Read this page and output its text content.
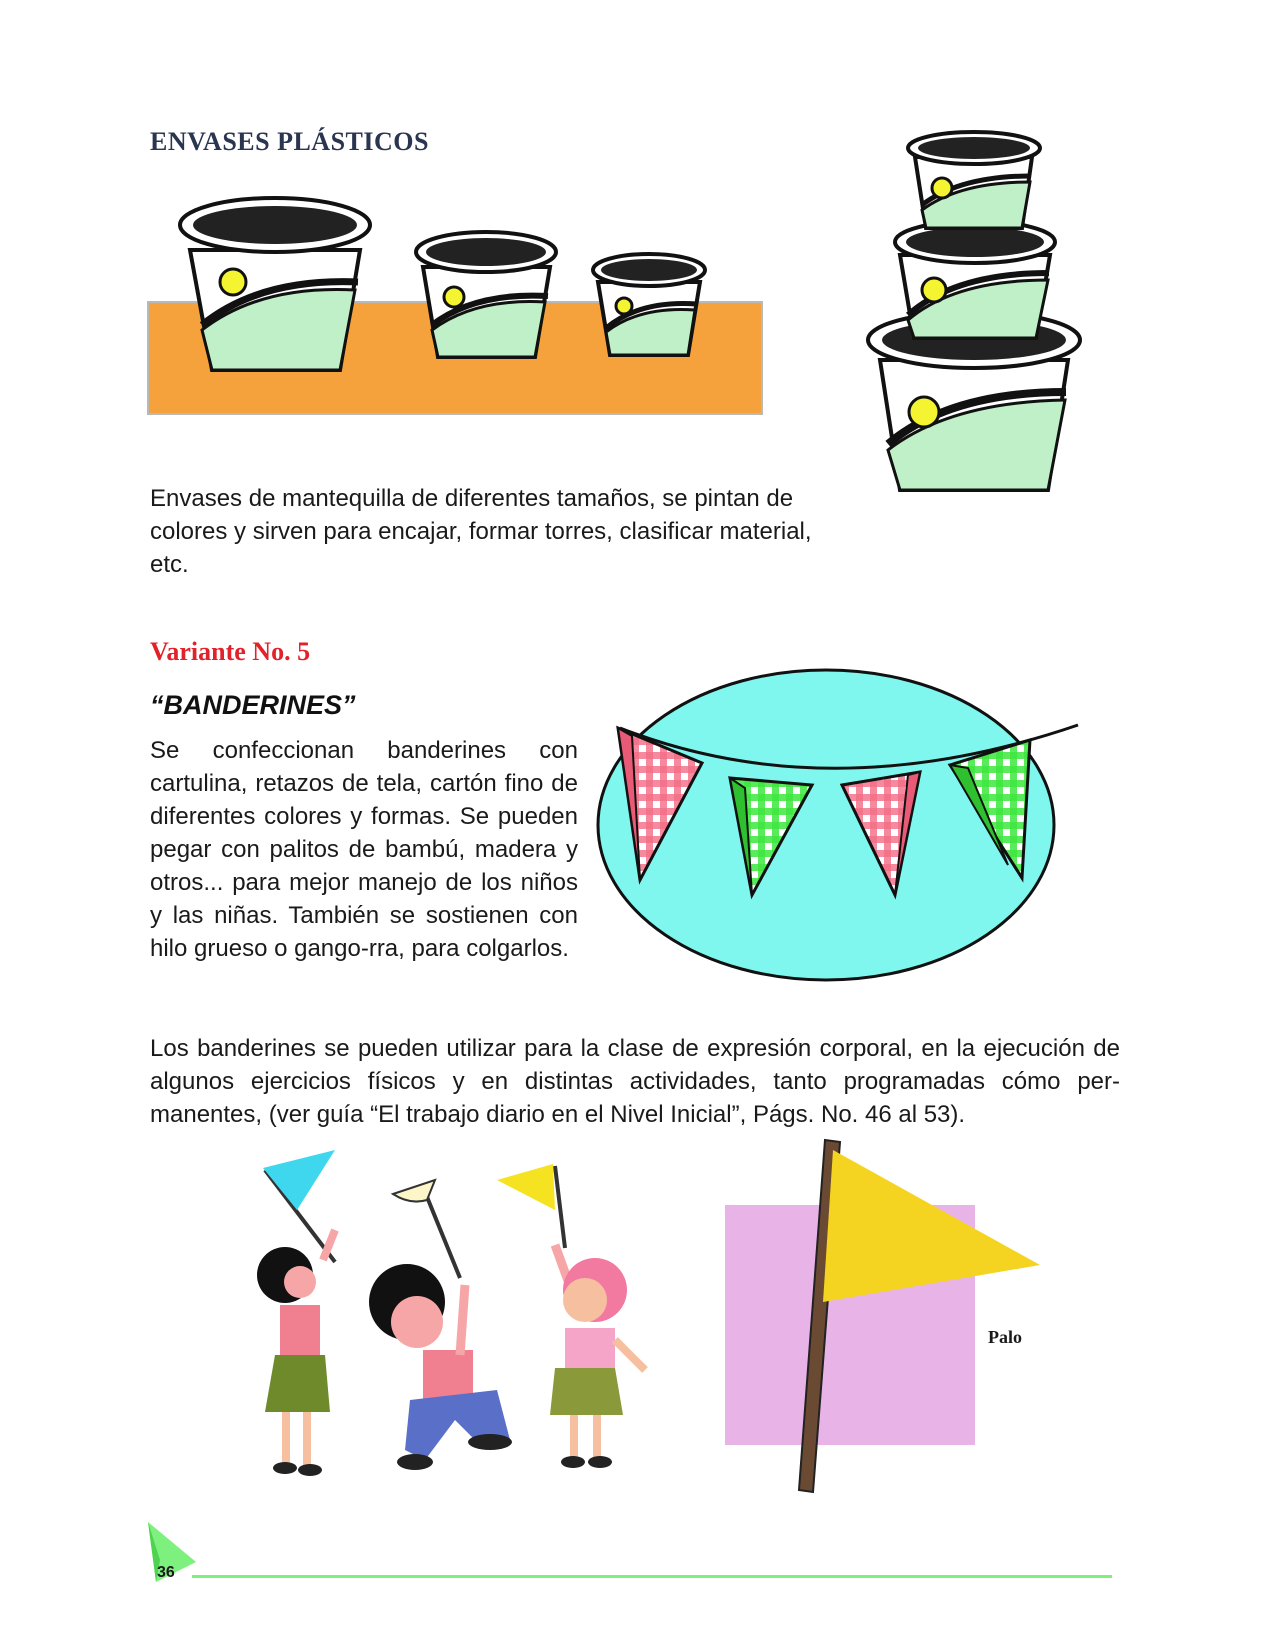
ENVASES PLÁSTICOS
Envases de mantequilla de diferentes tamaños, se pintan de colores y sirven para encajar, formar torres, clasificar material, etc.
Variante No. 5
“BANDERINES”
Se confeccionan banderines con cartulina, retazos de tela, cartón fino de diferentes colores y formas. Se pueden pegar con palitos de bambú, madera y otros... para mejor manejo de los niños y las niñas. También se sostienen con hilo grueso o gango-rra, para colgarlos.
Los banderines se pueden utilizar para la clase de expresión corporal, en la ejecución de algunos ejercicios físicos y en distintas actividades, tanto programadas cómo per-manentes, (ver guía “El trabajo diario en el Nivel Inicial”, Págs. No. 46 al 53).
Palo
36
